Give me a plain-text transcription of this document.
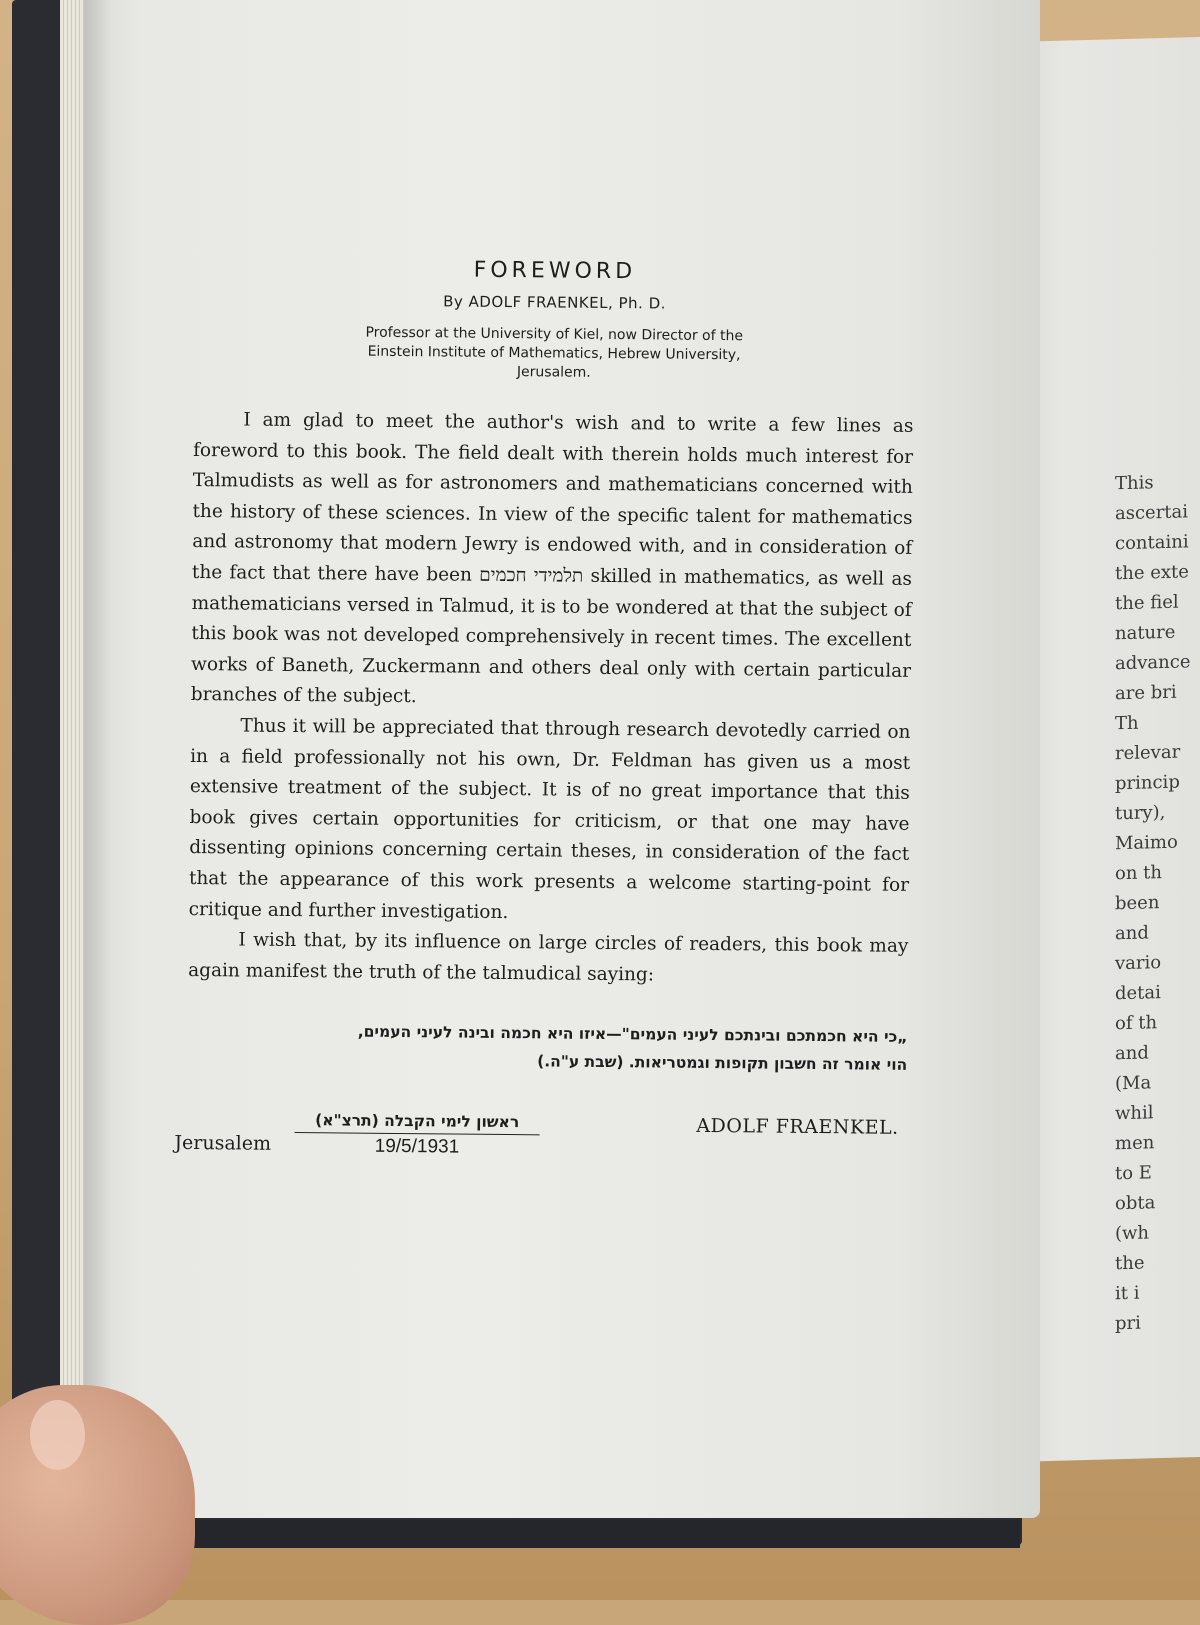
This
ascertai
containi
the exte
the fiel
nature
advance
are bri
Th
relevar
princip
tury),
Maimo
on th
been
and
vario
detai
of th
and
(Ma
whil
men
to E
obta
(wh
the
it i
pri
FOREWORD
By ADOLF FRAENKEL, Ph. D.
Professor at the University of Kiel, now Director of the
Einstein Institute of Mathematics, Hebrew University,
Jerusalem.

I am glad to meet the author's wish and to write a few lines as foreword to this book. The field dealt with therein holds much interest for Talmudists as well as for astronomers and mathematicians concerned with the history of these sciences. In view of the specific talent for mathematics and astronomy that modern Jewry is endowed with, and in consideration of the fact that there have been תלמידי חכמים skilled in mathematics, as well as mathematicians versed in Talmud, it is to be wondered at that the subject of this book was not developed comprehensively in recent times. The excellent works of Baneth, Zuckermann and others deal only with certain particular branches of the subject.

Thus it will be appreciated that through research devotedly carried on in a field professionally not his own, Dr. Feldman has given us a most extensive treatment of the subject. It is of no great importance that this book gives certain opportunities for criticism, or that one may have dissenting opinions concerning certain theses, in consideration of the fact that the appearance of this work presents a welcome starting-point for critique and further investigation.

I wish that, by its influence on large circles of readers, this book may again manifest the truth of the talmudical saying:

„כי היא חכמתכם ובינתכם לעיני העמים"—איזו היא חכמה ובינה לעיני העמים,
הוי אומר זה חשבון תקופות וגמטריאות. (שבת ע"ה.)
Jerusalem
ראשון לימי הקבלה (תרצ"א)
19/5/1931
ADOLF FRAENKEL.
